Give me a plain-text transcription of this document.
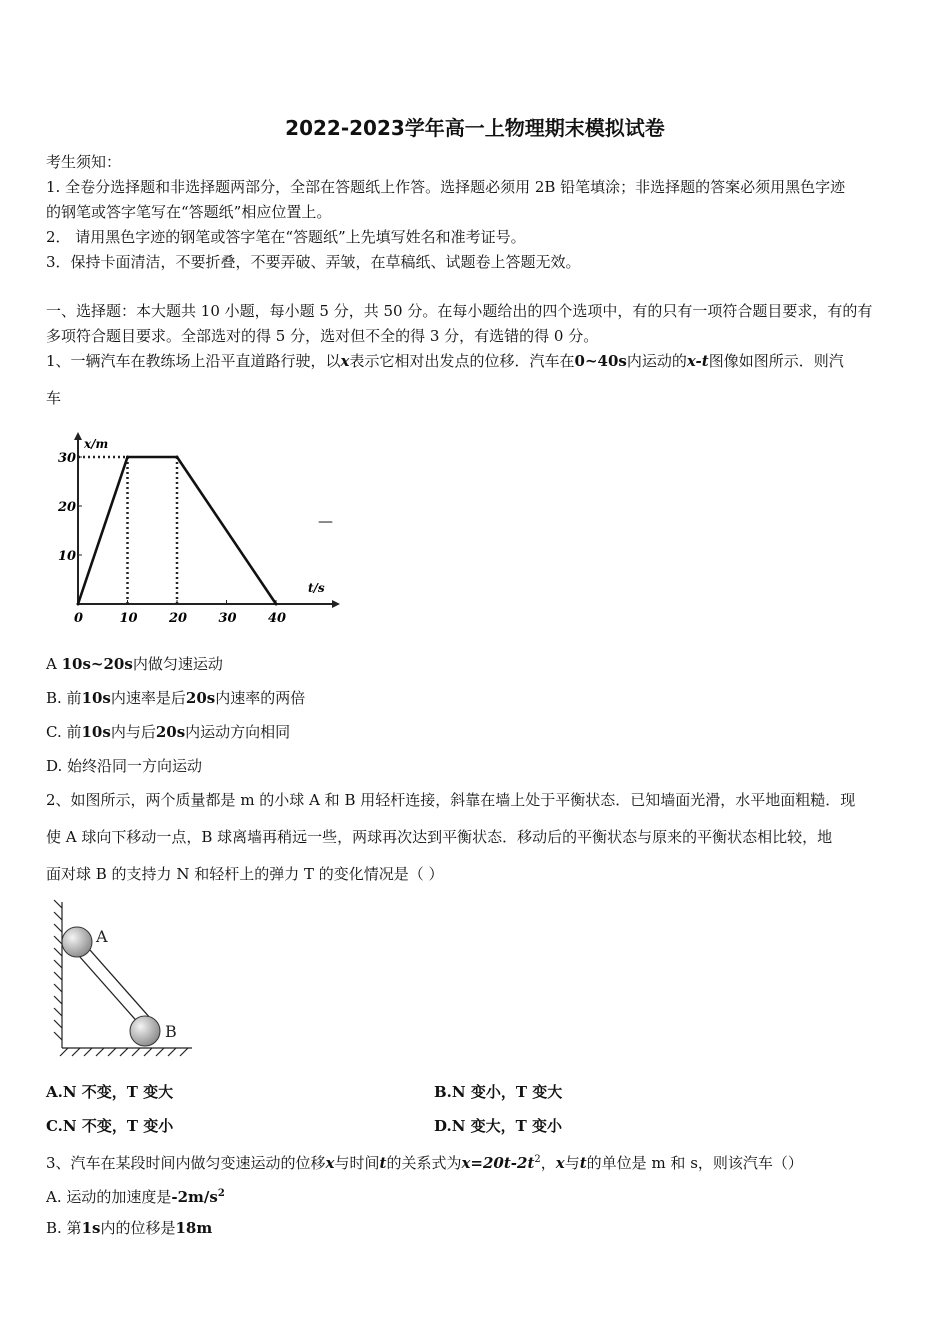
2022-2023学年高一上物理期末模拟试卷
考生须知：
1. 全卷分选择题和非选择题两部分，全部在答题纸上作答。选择题必须用 2B 铅笔填涂；非选择题的答案必须用黑色字迹
的钢笔或答字笔写在“答题纸”相应位置上。
2． 请用黑色字迹的钢笔或答字笔在“答题纸”上先填写姓名和准考证号。
3．保持卡面清洁，不要折叠，不要弄破、弄皱，在草稿纸、试题卷上答题无效。
一、选择题：本大题共 10 小题，每小题 5 分，共 50 分。在每小题给出的四个选项中，有的只有一项符合题目要求，有的有
多项符合题目要求。全部选对的得 5 分，选对但不全的得 3 分，有选错的得 0 分。
1、一辆汽车在教练场上沿平直道路行驶，以x表示它相对出发点的位移．汽车在0~40s内运动的x-t图像如图所示．则汽
车
x/m
t/s
0	10 20 30 40
10
20
30
—
A 10s~20s内做匀速运动
B. 前10s内速率是后20s内速率的两倍
C. 前10s内与后20s内运动方向相同
D. 始终沿同一方向运动
2、如图所示，两个质量都是 m 的小球 A 和 B 用轻杆连接，斜靠在墙上处于平衡状态．已知墙面光滑，水平地面粗糙．现
使 A 球向下移动一点，B 球离墙再稍远一些，两球再次达到平衡状态．移动后的平衡状态与原来的平衡状态相比较，地
面对球 B 的支持力 N 和轻杆上的弹力 T 的变化情况是（ ）
A
B
A.N 不变，T 变大	B.N 变小，T 变大
C.N 不变，T 变小	D.N 变大，T 变小
3、汽车在某段时间内做匀变速运动的位移x与时间t的关系式为$x=20t-2t^2$，x与t的单位是 m 和 s，则该汽车（）
A. 运动的加速度是$-2m/s^2$
B. 第1s内的位移是18m
